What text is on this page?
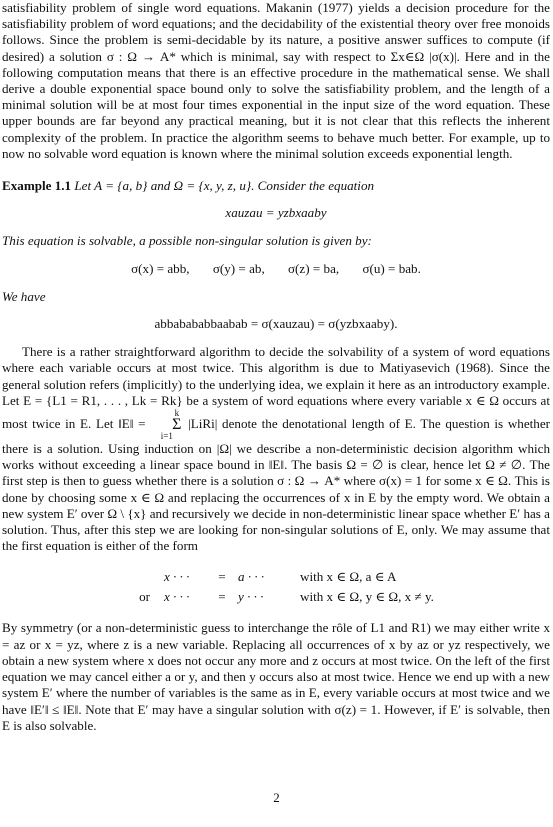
satisfiability problem of single word equations. Makanin (1977) yields a decision procedure for the satisfiability problem of word equations; and the decidability of the existential theory over free monoids follows. Since the problem is semi-decidable by its nature, a positive answer suffices to compute (if desired) a solution σ : Ω → A* which is minimal, say with respect to Σx∈Ω |σ(x)|. Here and in the following computation means that there is an effective procedure in the mathematical sense. We shall derive a double exponential space bound only to solve the satisfiability problem, and the length of a minimal solution will be at most four times exponential in the input size of the word equation. These upper bounds are far beyond any practical meaning, but it is not clear that this reflects the inherent complexity of the problem. In practice the algorithm seems to behave much better. For example, up to now no solvable word equation is known where the minimal solution exceeds exponential length.

Example 1.1 Let A = {a, b} and Ω = {x, y, z, u}. Consider the equation

xauzau = yzbxaaby

This equation is solvable, a possible non-singular solution is given by:

σ(x) = abb, σ(y) = ab, σ(z) = ba, σ(u) = bab.

We have

abbabababbaabab = σ(xauzau) = σ(yzbxaaby).

There is a rather straightforward algorithm to decide the solvability of a system of word equations where each variable occurs at most twice. This algorithm is due to Matiyasevich (1968). Since the general solution refers (implicitly) to the underlying idea, we explain it here as an introductory example. Let E = {L1 = R1, . . . , Lk = Rk} be a system of word equations where every variable x ∈ Ω occurs at most twice in E. Let ‖E‖ = k
Σ
i=1 |LiRi| denote the denotational length of E. The question is whether there is a solution. Using induction on |Ω| we describe a non-deterministic decision algorithm which works without exceeding a linear space bound in ‖E‖. The basis Ω = ∅ is clear, hence let Ω ≠ ∅. The first step is then to guess whether there is a solution σ : Ω → A* where σ(x) = 1 for some x ∈ Ω. This is done by choosing some x ∈ Ω and replacing the occurrences of x in E by the empty word. We obtain a new system E′ over Ω \ {x} and recursively we decide in non-deterministic linear space whether E′ has a solution. Thus, after this step we are looking for non-singular solutions of E, only. We may assume that the first equation is either of the form

	x · · ·	=	a · · ·	with x ∈ Ω, a ∈ A
or	x · · ·	=	y · · ·	with x ∈ Ω, y ∈ Ω, x ≠ y.

By symmetry (or a non-deterministic guess to interchange the rôle of L1 and R1) we may either write x = az or x = yz, where z is a new variable. Replacing all occurrences of x by az or yz respectively, we obtain a new system where x does not occur any more and z occurs at most twice. On the left of the first equation we may cancel either a or y, and then y occurs also at most twice. Hence we end up with a new system E′ where the number of variables is the same as in E, every variable occurs at most twice and we have ‖E′‖ ≤ ‖E‖. Note that E′ may have a singular solution with σ(z) = 1. However, if E′ is solvable, then E is also solvable.

2
